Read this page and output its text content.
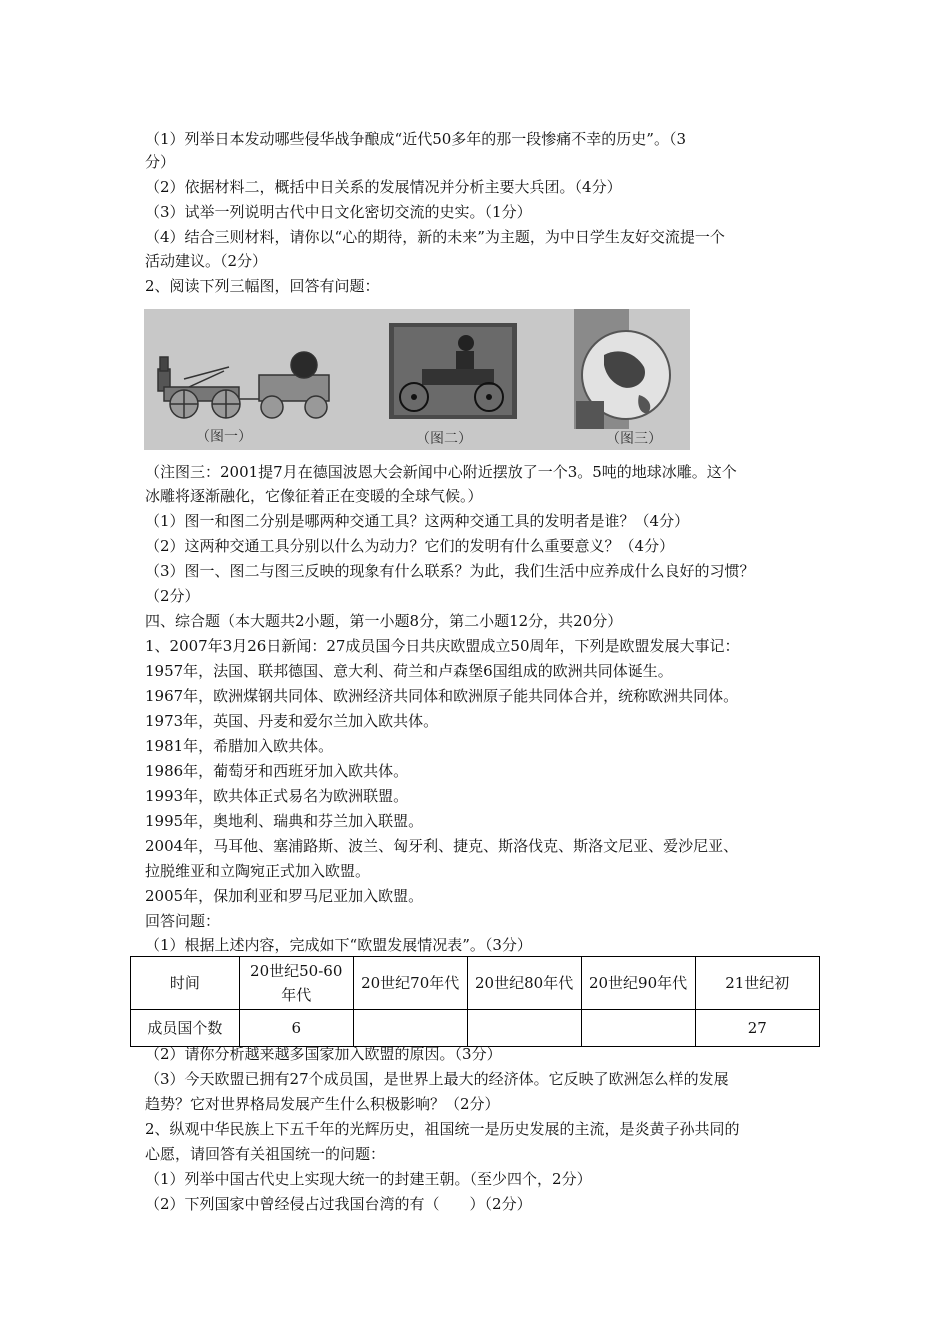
（1）列举日本发动哪些侵华战争酿成“近代50多年的那一段惨痛不幸的历史”。（3
分）
（2）依据材料二，概括中日关系的发展情况并分析主要大兵团。（4分）
（3）试举一列说明古代中日文化密切交流的史实。（1分）
（4）结合三则材料，请你以“心的期待，新的未来”为主题，为中日学生友好交流提一个
活动建议。（2分）
2、阅读下列三幅图，回答有问题：
（图一）	（图二）	（图三）
（注图三：2001提7月在德国波恩大会新闻中心附近摆放了一个3。5吨的地球冰雕。这个
冰雕将逐渐融化，它像征着正在变暖的全球气候。）
（1）图一和图二分别是哪两种交通工具？这两种交通工具的发明者是谁？（4分）
（2）这两种交通工具分别以什么为动力？它们的发明有什么重要意义？（4分）
（3）图一、图二与图三反映的现象有什么联系？为此，我们生活中应养成什么良好的习惯？
（2分）
四、综合题（本大题共2小题，第一小题8分，第二小题12分，共20分）
1、2007年3月26日新闻：27成员国今日共庆欧盟成立50周年，下列是欧盟发展大事记：
1957年，法国、联邦德国、意大利、荷兰和卢森堡6国组成的欧洲共同体诞生。
1967年，欧洲煤钢共同体、欧洲经济共同体和欧洲原子能共同体合并，统称欧洲共同体。
1973年，英国、丹麦和爱尔兰加入欧共体。
1981年，希腊加入欧共体。
1986年，葡萄牙和西班牙加入欧共体。
1993年，欧共体正式易名为欧洲联盟。
1995年，奥地利、瑞典和芬兰加入联盟。
2004年，马耳他、塞浦路斯、波兰、匈牙利、捷克、斯洛伐克、斯洛文尼亚、爱沙尼亚、
拉脱维亚和立陶宛正式加入欧盟。
2005年，保加利亚和罗马尼亚加入欧盟。
回答问题：
（1）根据上述内容，完成如下“欧盟发展情况表”。（3分）
时间	20世纪50-60年代	20世纪70年代	20世纪80年代	20世纪90年代	21世纪初
成员国个数	6				27
（2）请你分析越来越多国家加入欧盟的原因。（3分）
（3）今天欧盟已拥有27个成员国，是世界上最大的经济体。它反映了欧洲怎么样的发展
趋势？它对世界格局发展产生什么积极影响？（2分）
2、纵观中华民族上下五千年的光辉历史，祖国统一是历史发展的主流，是炎黄子孙共同的
心愿，请回答有关祖国统一的问题：
（1）列举中国古代史上实现大统一的封建王朝。（至少四个，2分）
（2）下列国家中曾经侵占过我国台湾的有（　　）（2分）
